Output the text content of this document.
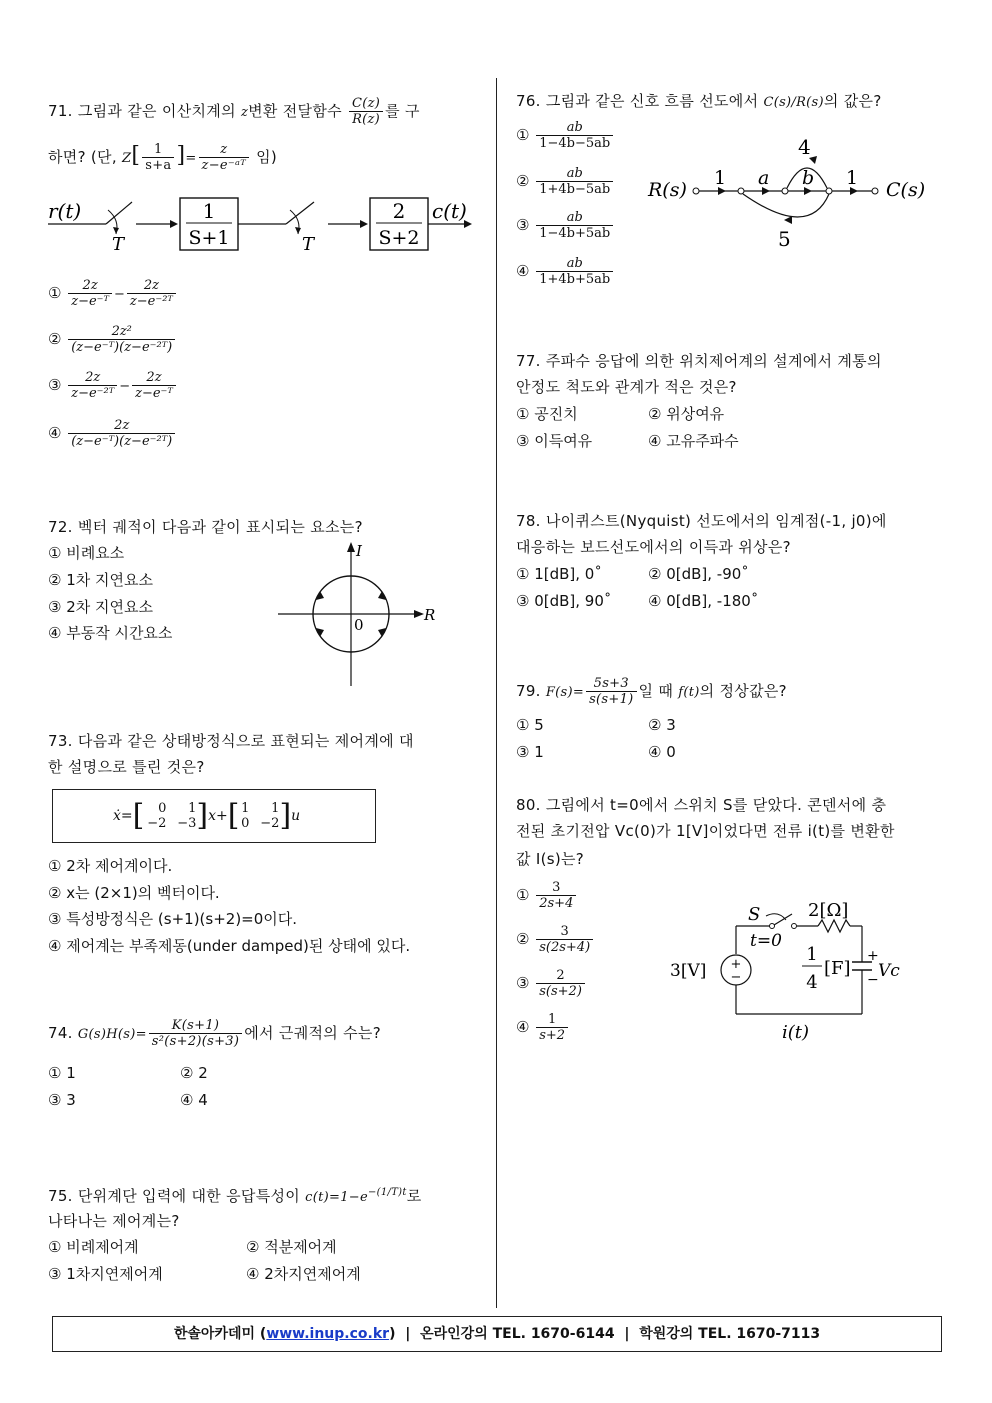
71. 그림과 같은 이산치계의 z변환 전달함수 $\frac{C(z)}{R(z)}$ 를 구
하면? (단, $Z[ \frac{1}{s+a}$ ]= $\frac{z}{\text{z−e⁻ᵃᵀ}}$ 임)
r(t)
T
1
S+1	T
2
S+2
c(t)
① $\frac{2z}{\text{z−e⁻ᵀ}} - \frac{2z}{\text{z−e⁻²ᵀ}}$
② $\frac{\text{2z²}}{\text{(z−e⁻ᵀ)(z−e⁻²ᵀ)}}$
③ $\frac{2z}{\text{z−e⁻²ᵀ}} - \frac{2z}{\text{z−e⁻ᵀ}}$
④ $\frac{2z}{\text{(z−e⁻ᵀ)(z−e⁻²ᵀ)}}$
72. 벡터 궤적이 다음과 같이 표시되는 요소는?
① 비례요소
② 1차 지연요소
③ 2차 지연요소
④ 부동작 시간요소
I
R
0
73. 다음과 같은 상태방정식으로 표현되는 제어계에 대
한 설명으로 틀린 것은?
ẋ=[ 0 1
−2 −3]x+[ 1 1
0 −2]u
① 2차 제어계이다.
② x는 (2×1)의 벡터이다.
③ 특성방정식은 (s+1)(s+2)=0이다.
④ 제어계는 부족제동(under damped)된 상태에 있다.
74. $G(s)H(s)= \frac{K(s+1)}{\text{s²(s+2)(s+3)}}$ 에서 근궤적의 수는?
① 1	② 2
③ 3	④ 4
75. 단위계단 입력에 대한 응답특성이 $c(t)=1-e^{-(1/T)t}$로
나타나는 제어계는?
① 비례제어계	② 적분제어계
③ 1차지연제어계	④ 2차지연제어계
76. 그림과 같은 신호 흐름 선도에서 C(s)/R(s)의 값은?
① $\frac{ab}{1-4b-5ab}$
② $\frac{ab}{1+4b-5ab}$
③ $\frac{ab}{1-4b+5ab}$
④ $\frac{ab}{1+4b+5ab}$
R(s)
1 a b 1
C(s)
4
5
77. 주파수 응답에 의한 위치제어계의 설계에서 계통의
안정도 척도와 관계가 적은 것은?
① 공진치	② 위상여유
③ 이득여유	④ 고유주파수
78. 나이퀴스트(Nyquist) 선도에서의 임계점(-1, j0)에
대응하는 보드선도에서의 이득과 위상은?
① 1[dB], 0˚	② 0[dB], -90˚
③ 0[dB], 90˚ ④ 0[dB], -180˚
79. $F(s)= \frac{5s+3}{s(s+1)}$ 일 때 f(t)의 정상값은?
① 5	② 3
③ 1	④ 0
80. 그림에서 t=0에서 스위치 S를 닫았다. 콘덴서에 충
전된 초기전압 Vc(0)가 1[V]이었다면 전류 i(t)를 변환한
값 I(s)는?
① $\frac{3}{2s+4}$
② $\frac{3}{s(2s+4)}$
③ $\frac{2}{s(s+2)}$
④ $\frac{1}{s+2}$
S
t=0
2[Ω]
+
− Vc
1
4
[F]
+
−
3[V]
i(t)
한솔아카데미 (www.inup.co.kr)  | 온라인강의 TEL. 1670-6144 | 학원강의 TEL. 1670-7113
